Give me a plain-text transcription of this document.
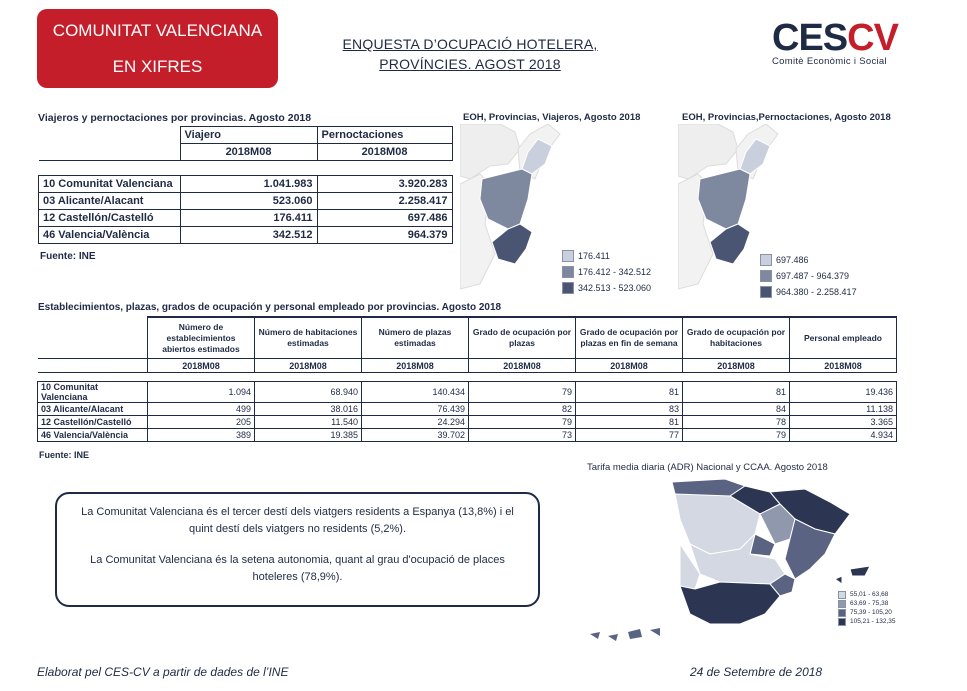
COMUNITAT VALENCIANA
EN XIFRES
ENQUESTA D’OCUPACIÓ HOTELERA,
PROVÍNCIES. AGOST 2018
CESCV
Comitè Econòmic i Social
Viajeros y pernoctaciones por provincias. Agosto 2018
	Viajero	Pernoctaciones
	2018M08	2018M08

10 Comunitat Valenciana	1.041.983	3.920.283
03 Alicante/Alacant	523.060	2.258.417
12 Castellón/Castelló	176.411	697.486
46 Valencia/València	342.512	964.379
Fuente: INE
EOH, Provincias, Viajeros, Agosto 2018
176.411
176.412 - 342.512
342.513 - 523.060
EOH, Provincias,Pernoctaciones, Agosto 2018
697.486
697.487 - 964.379
964.380 - 2.258.417
Establecimientos, plazas, grados de ocupación y personal empleado por provincias. Agosto 2018
	Número de establecimientos abiertos estimados	Número de habitaciones estimadas	Número de plazas estimadas	Grado de ocupación por plazas	Grado de ocupación por plazas en fin de semana	Grado de ocupación por habitaciones	Personal empleado
	2018M08	2018M08	2018M08	2018M08	2018M08	2018M08	2018M08

10 Comunitat Valenciana	1.094	68.940	140.434	79	81	81	19.436
03 Alicante/Alacant	499	38.016	76.439	82	83	84	11.138
12 Castellón/Castelló	205	11.540	24.294	79	81	78	3.365
46 Valencia/València	389	19.385	39.702	73	77	79	4.934
Fuente: INE

La Comunitat Valenciana és el tercer destí dels viatgers residents a Espanya (13,8%) i el quint destí dels viatgers no residents (5,2%).

La Comunitat Valenciana és la setena autonomia, quant al grau d'ocupació de places hoteleres (78,9%).

Tarifa media diaria (ADR) Nacional y CCAA. Agosto 2018
55,01 - 63,68
63,69 - 75,38
75,39 - 105,20
105,21 - 132,35
Elaborat pel CES-CV a partir de dades de l’INE	24 de Setembre de 2018
